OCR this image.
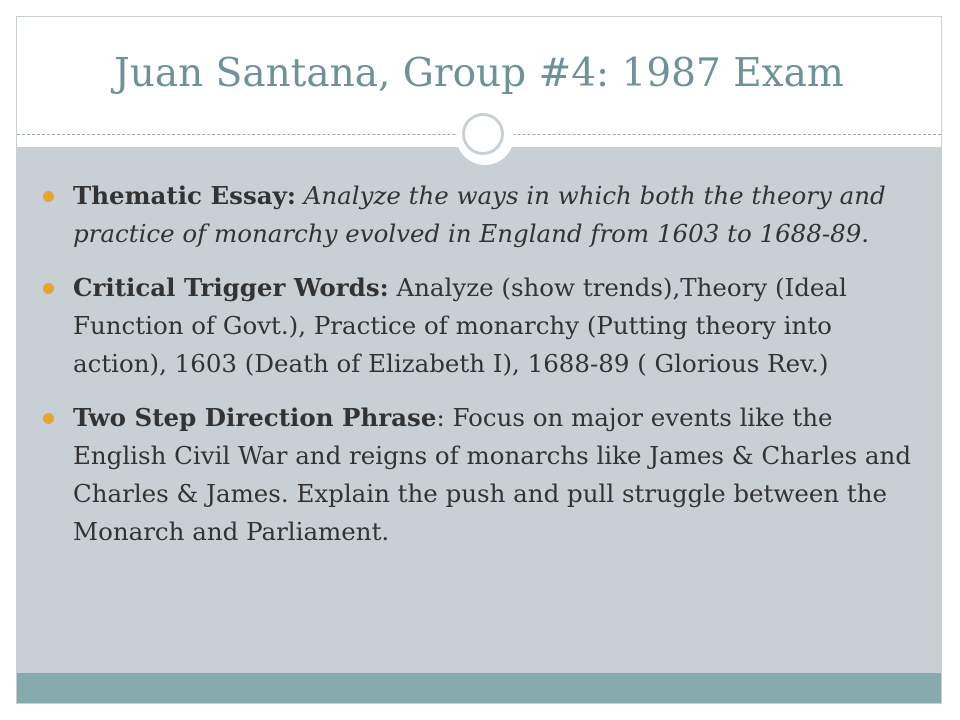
Juan Santana, Group #4: 1987 Exam
Thematic Essay: Analyze the ways in which both the theory and practice of monarchy evolved in England from 1603 to 1688-89.
Critical Trigger Words: Analyze (show trends),Theory (Ideal Function of Govt.), Practice of monarchy (Putting theory into action), 1603 (Death of Elizabeth I), 1688-89 ( Glorious Rev.)
Two Step Direction Phrase: Focus on major events like the English Civil War and reigns of monarchs like James & Charles and Charles & James. Explain the push and pull struggle between the Monarch and Parliament.
